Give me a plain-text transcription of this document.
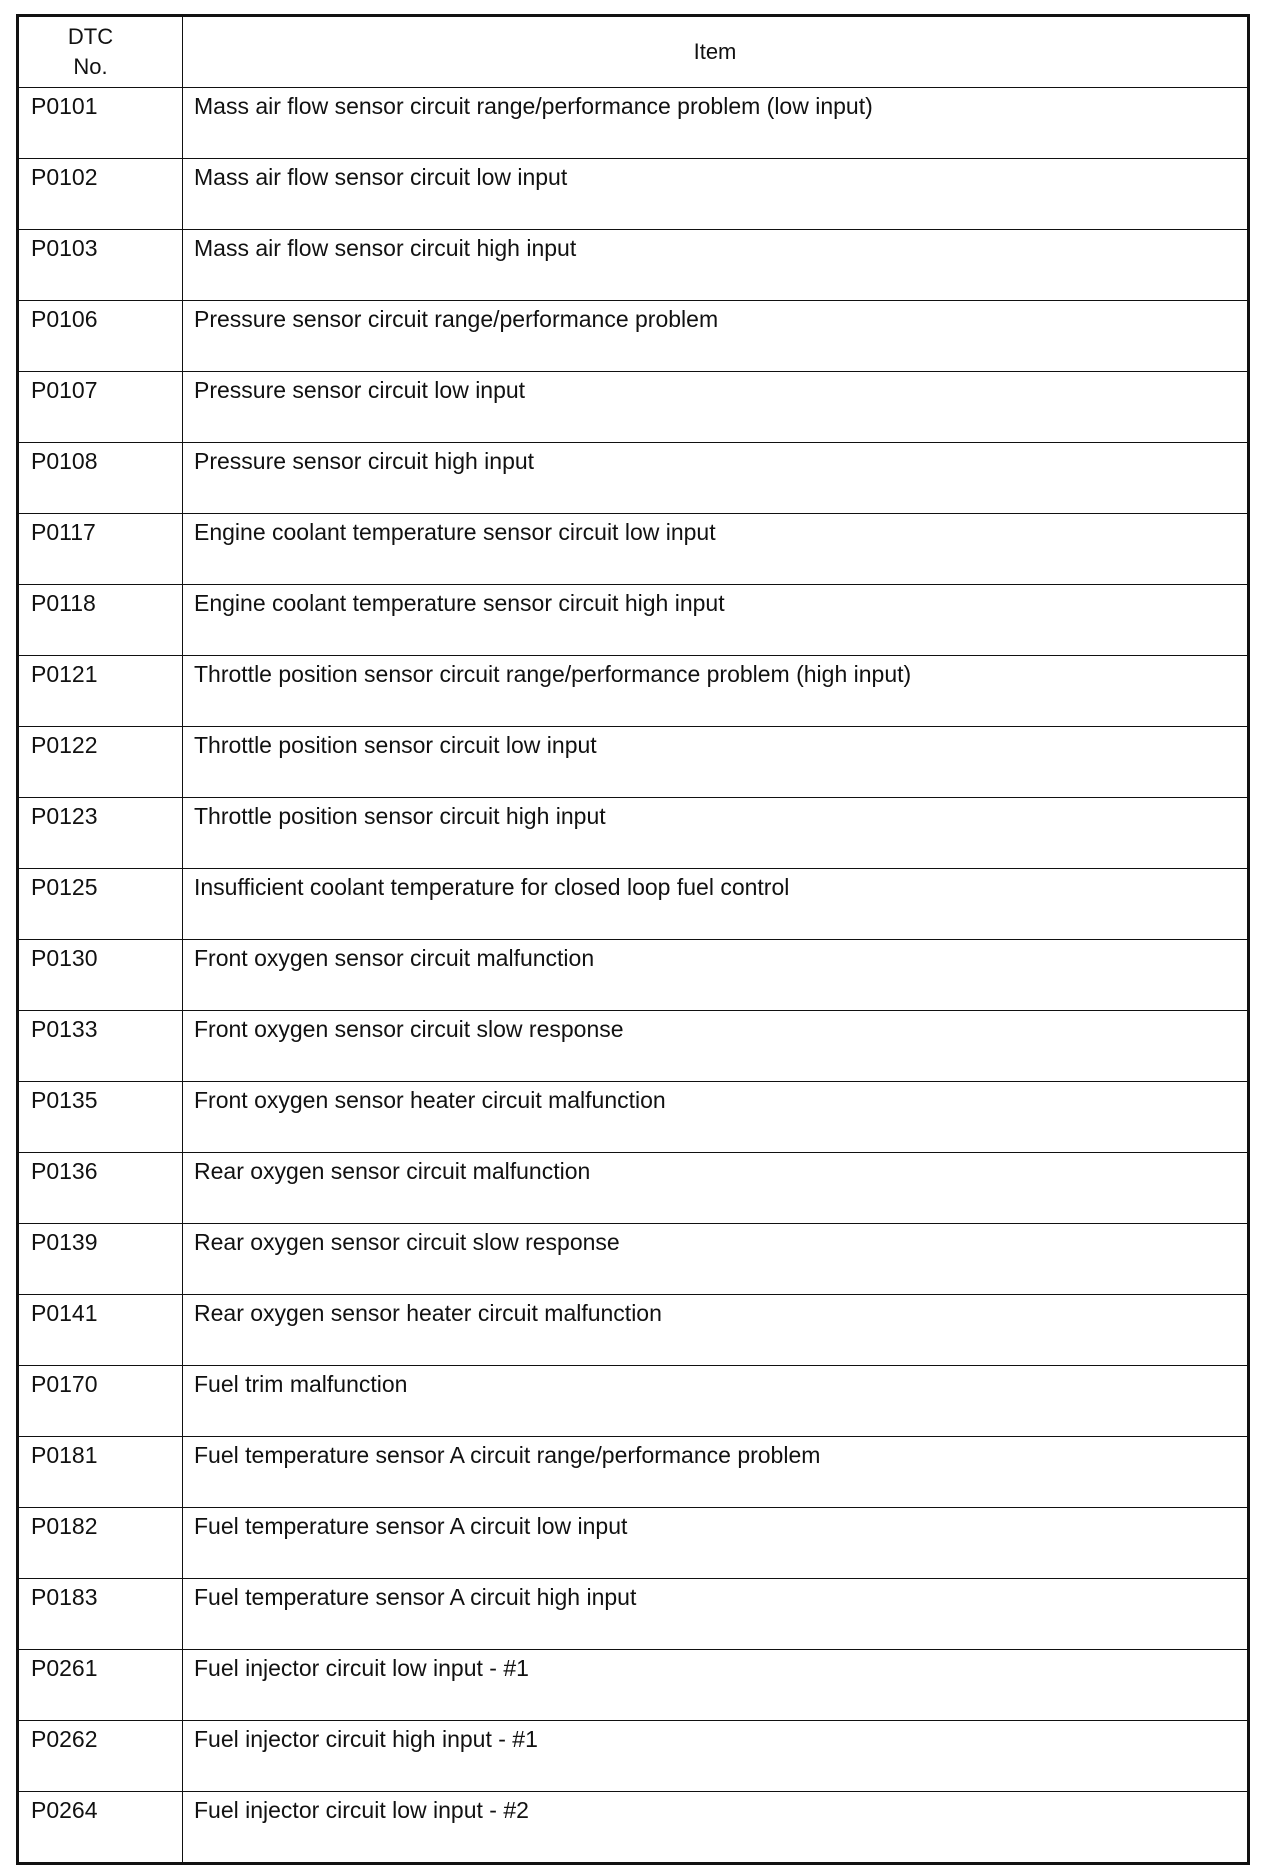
DTC
No.	Item
P0101	Mass air flow sensor circuit range/performance problem (low input)
P0102	Mass air flow sensor circuit low input
P0103	Mass air flow sensor circuit high input
P0106	Pressure sensor circuit range/performance problem
P0107	Pressure sensor circuit low input
P0108	Pressure sensor circuit high input
P0117	Engine coolant temperature sensor circuit low input
P0118	Engine coolant temperature sensor circuit high input
P0121	Throttle position sensor circuit range/performance problem (high input)
P0122	Throttle position sensor circuit low input
P0123	Throttle position sensor circuit high input
P0125	Insufficient coolant temperature for closed loop fuel control
P0130	Front oxygen sensor circuit malfunction
P0133	Front oxygen sensor circuit slow response
P0135	Front oxygen sensor heater circuit malfunction
P0136	Rear oxygen sensor circuit malfunction
P0139	Rear oxygen sensor circuit slow response
P0141	Rear oxygen sensor heater circuit malfunction
P0170	Fuel trim malfunction
P0181	Fuel temperature sensor A circuit range/performance problem
P0182	Fuel temperature sensor A circuit low input
P0183	Fuel temperature sensor A circuit high input
P0261	Fuel injector circuit low input - #1
P0262	Fuel injector circuit high input - #1
P0264	Fuel injector circuit low input - #2
